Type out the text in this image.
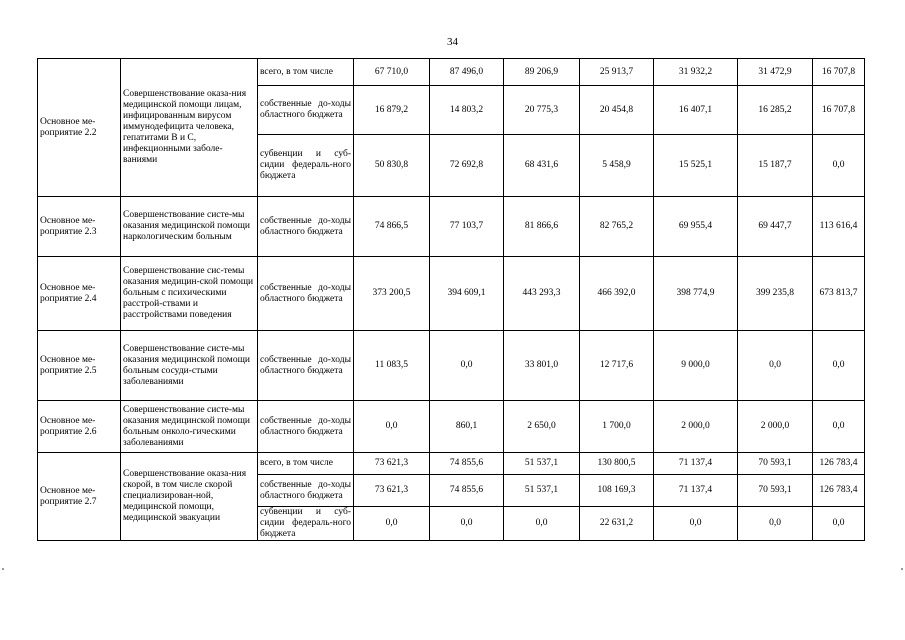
34
Основное ме-роприятие 2.2	Совершенствование оказа-ния медицинской помощи лицам, инфицированным вирусом иммунодефицита человека, гепатитами В и С, инфекционными заболе-ваниями	всего, в том числе	67 710,0	87 496,0	89 206,9	25 913,7	31 932,2	31 472,9	16 707,8
		собственные до-ходы областного бюджета	16 879,2	14 803,2	20 775,3	20 454,8	16 407,1	16 285,2	16 707,8
		субвенции и суб-сидии федераль-ного бюджета	50 830,8	72 692,8	68 431,6	5 458,9	15 525,1	15 187,7	0,0
Основное ме-роприятие 2.3	Совершенствование систе-мы оказания медицинской помощи наркологическим больным	собственные до-ходы областного бюджета	74 866,5	77 103,7	81 866,6	82 765,2	69 955,4	69 447,7	113 616,4
Основное ме-роприятие 2.4	Совершенствование сис-темы оказания медицин-ской помощи больным с психическими расстрой-ствами и расстройствами поведения	собственные до-ходы областного бюджета	373 200,5	394 609,1	443 293,3	466 392,0	398 774,9	399 235,8	673 813,7
Основное ме-роприятие 2.5	Совершенствование систе-мы оказания медицинской помощи больным сосуди-стыми заболеваниями	собственные до-ходы областного бюджета	11 083,5	0,0	33 801,0	12 717,6	9 000,0	0,0	0,0
Основное ме-роприятие 2.6	Совершенствование систе-мы оказания медицинской помощи больным онколо-гическими заболеваниями	собственные до-ходы областного бюджета	0,0	860,1	2 650,0	1 700,0	2 000,0	2 000,0	0,0
Основное ме-роприятие 2.7	Совершенствование оказа-ния скорой, в том числе скорой специализирован-ной, медицинской помощи, медицинской эвакуации	всего, в том числе	73 621,3	74 855,6	51 537,1	130 800,5	71 137,4	70 593,1	126 783,4
		собственные до-ходы областного бюджета	73 621,3	74 855,6	51 537,1	108 169,3	71 137,4	70 593,1	126 783,4
		субвенции и суб-сидии федераль-ного бюджета	0,0	0,0	0,0	22 631,2	0,0	0,0	0,0
